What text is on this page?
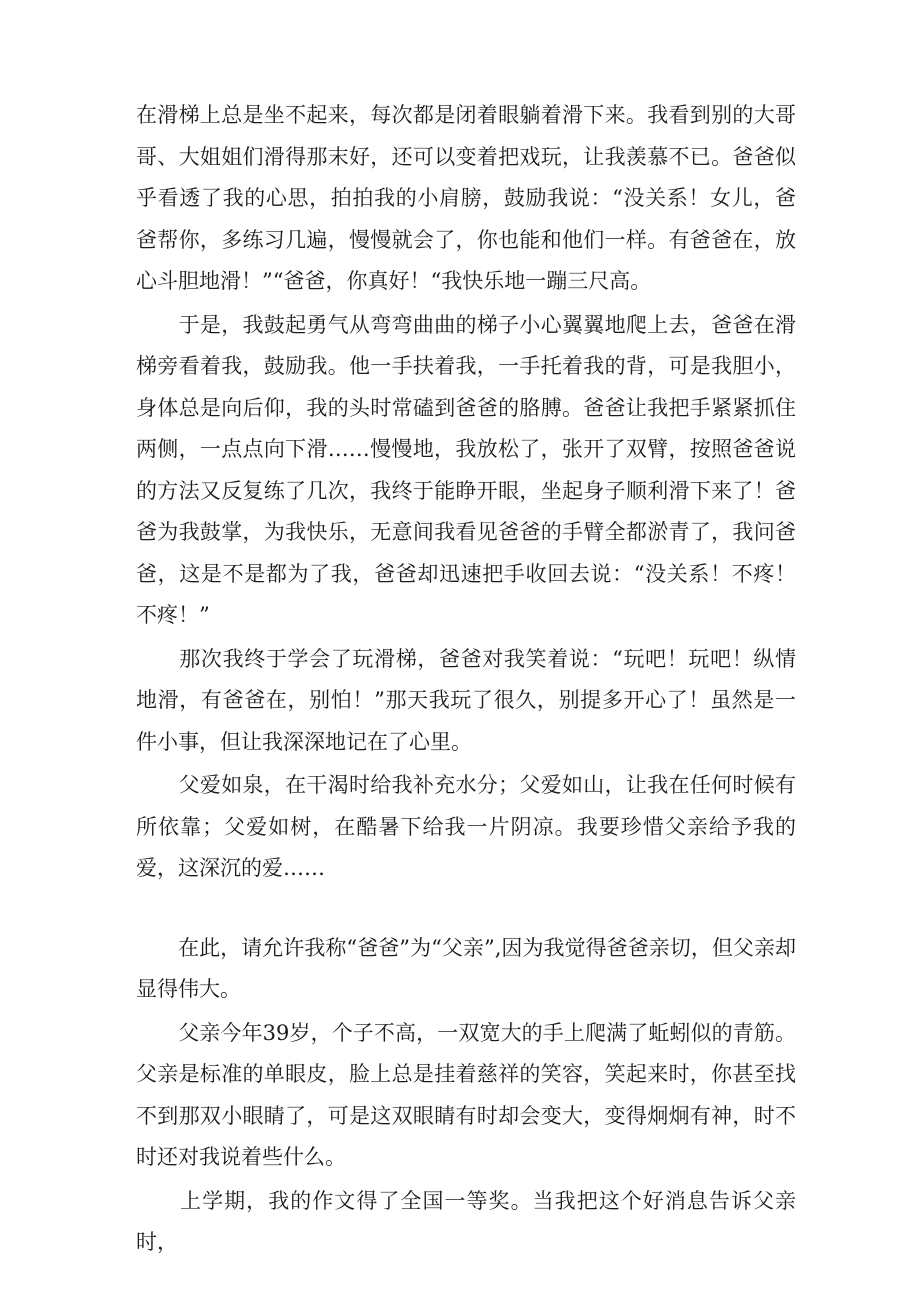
在滑梯上总是坐不起来，每次都是闭着眼躺着滑下来。我看到别的大哥哥、大姐姐们滑得那末好，还可以变着把戏玩，让我羡慕不已。爸爸似乎看透了我的心思，拍拍我的小肩膀，鼓励我说：“没关系！女儿，爸爸帮你，多练习几遍，慢慢就会了，你也能和他们一样。有爸爸在，放心斗胆地滑！”“爸爸，你真好！“我快乐地一蹦三尺高。

　　于是，我鼓起勇气从弯弯曲曲的梯子小心翼翼地爬上去，爸爸在滑梯旁看着我，鼓励我。他一手扶着我，一手托着我的背，可是我胆小，身体总是向后仰，我的头时常磕到爸爸的胳膊。爸爸让我把手紧紧抓住两侧，一点点向下滑……慢慢地，我放松了，张开了双臂，按照爸爸说的方法又反复练了几次，我终于能睁开眼，坐起身子顺利滑下来了！爸爸为我鼓掌，为我快乐，无意间我看见爸爸的手臂全都淤青了，我问爸爸，这是不是都为了我，爸爸却迅速把手收回去说：“没关系！不疼！不疼！”

　　那次我终于学会了玩滑梯，爸爸对我笑着说：“玩吧！玩吧！纵情地滑，有爸爸在，别怕！”那天我玩了很久，别提多开心了！虽然是一件小事，但让我深深地记在了心里。

　　父爱如泉，在干渴时给我补充水分；父爱如山，让我在任何时候有所依靠；父爱如树，在酷暑下给我一片阴凉。我要珍惜父亲给予我的爱，这深沉的爱……

　　在此，请允许我称“爸爸”为“父亲”,因为我觉得爸爸亲切，但父亲却显得伟大。

　　父亲今年39岁，个子不高，一双宽大的手上爬满了蚯蚓似的青筋。父亲是标准的单眼皮，脸上总是挂着慈祥的笑容，笑起来时，你甚至找不到那双小眼睛了，可是这双眼睛有时却会变大，变得炯炯有神，时不时还对我说着些什么。

　　上学期，我的作文得了全国一等奖。当我把这个好消息告诉父亲时，
